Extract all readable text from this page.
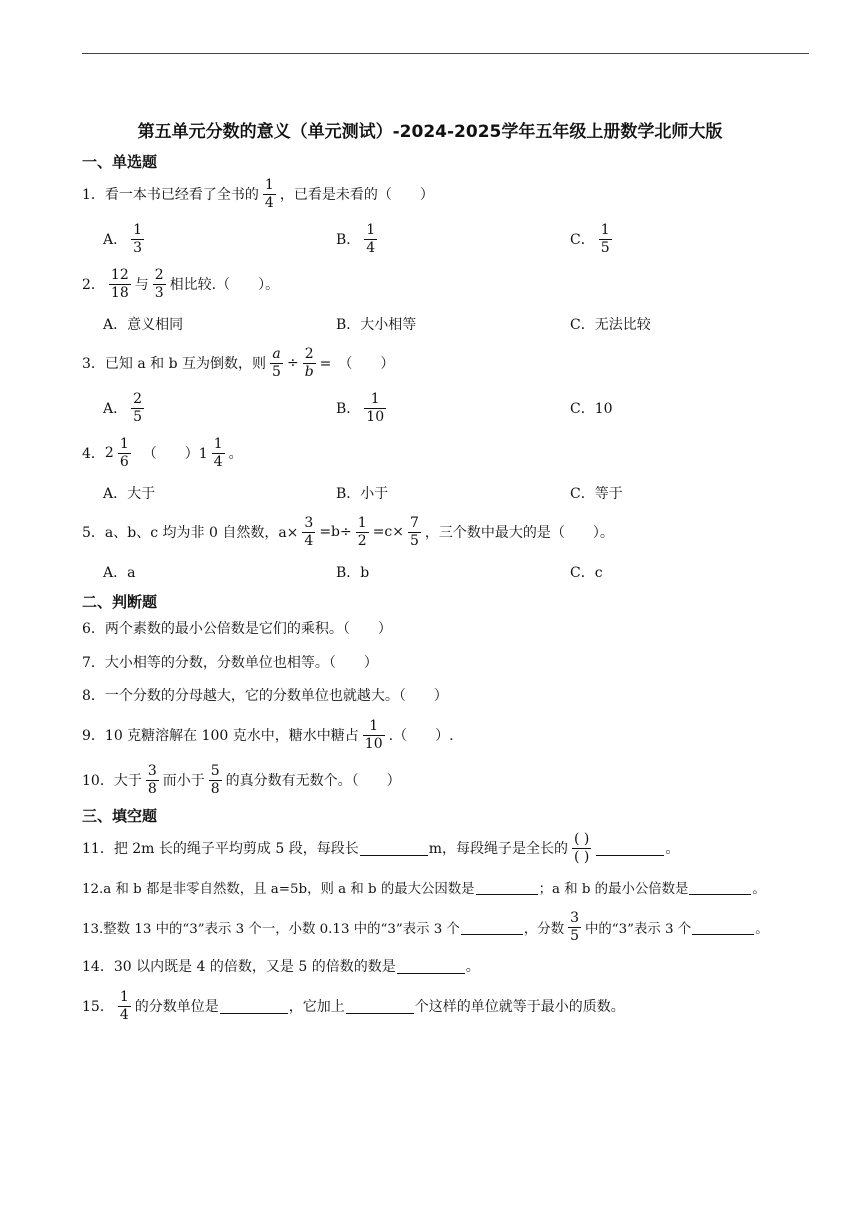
第五单元分数的意义（单元测试）-2024-2025学年五年级上册数学北师大版
一、单选题
1． 看一本书已经看了全书的 $\frac{1}{4}$ ，已看是未看的（　　）
A． $\frac{1}{3}$	B． $\frac{1}{4}$	C． $\frac{1}{5}$
2． $\frac{12}{18}$ 与 $\frac{2}{3}$ 相比较.（　　）。
A．意义相同	B．大小相等	C．无法比较
3． 已知 a 和 b 互为倒数，则 $\frac{a}{5} \div \frac{2}{b}$ =　（　　）
A． $\frac{2}{5}$	B． $\frac{1}{10}$	C．10
4． $2 \frac{1}{6}$ （　　）$1 \frac{1}{4}$ 。
A．大于	B．小于	C．等于
5． a、b、c 均为非 0 自然数，$a\times \frac{3}{4} =b\div \frac{1}{2} =c\times \frac{7}{5}$ ，三个数中最大的是（　　）。
A．a	B．b	C．c
二、判断题
6．两个素数的最小公倍数是它们的乘积。（　　）
7．大小相等的分数，分数单位也相等。（　　）
8．一个分数的分母越大，它的分数单位也就越大。（　　）
9．10 克糖溶解在 100 克水中，糖水中糖占 $\frac{1}{10}$ .（　　）.
10．大于 $\frac{3}{8}$ 而小于 $\frac{5}{8}$ 的真分数有无数个。（　　）
三、填空题
11．把 2m 长的绳子平均剪成 5 段，每段长	m，每段绳子是全长的 $\frac{( )}{( )}$	。
12.a 和 b 都是非零自然数，且 a=5b，则 a 和 b 的最大公因数是	；a 和 b 的最小公倍数是	。
13.整数 13 中的“3”表示 3 个一，小数 0.13 中的“3”表示 3 个	，分数 $\frac{3}{5}$ 中的“3”表示 3 个	。
14．30 以内既是 4 的倍数，又是 5 的倍数的数是	。
15． $\frac{1}{4}$ 的分数单位是	，它加上	个这样的单位就等于最小的质数。
